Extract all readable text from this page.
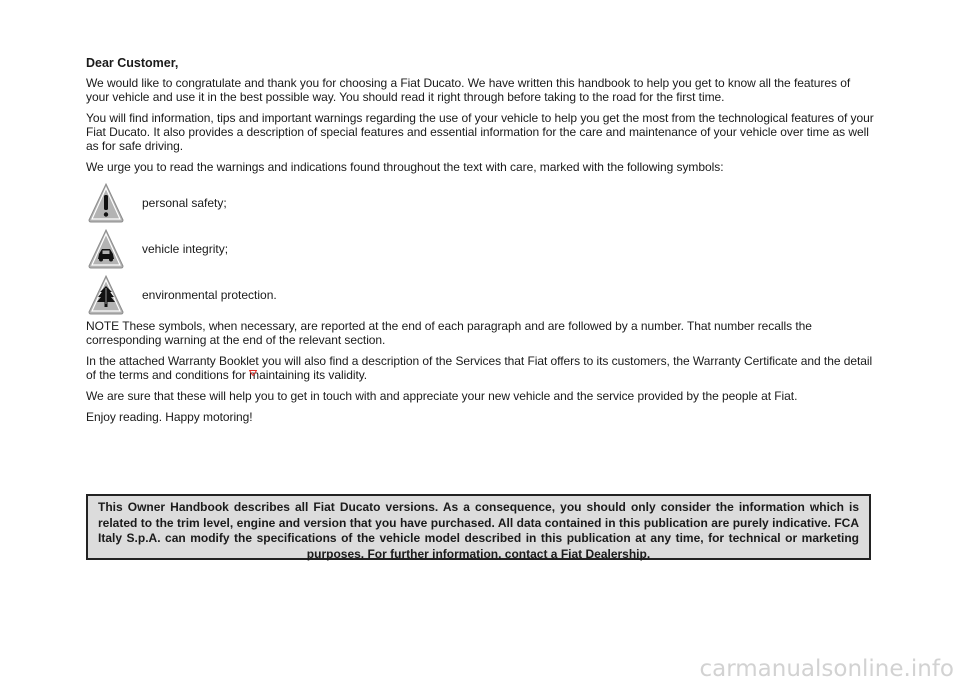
Dear Customer,

We would like to congratulate and thank you for choosing a Fiat Ducato. We have written this handbook to help you get to know all the features of your vehicle and use it in the best possible way. You should read it right through before taking to the road for the first time.

You will find information, tips and important warnings regarding the use of your vehicle to help you get the most from the technological features of your Fiat Ducato. It also provides a description of special features and essential information for the care and maintenance of your vehicle over time as well as for safe driving.

We urge you to read the warnings and indications found throughout the text with care, marked with the following symbols:

personal safety;
vehicle integrity;
environmental protection.

NOTE These symbols, when necessary, are reported at the end of each paragraph and are followed by a number. That number recalls the corresponding warning at the end of the relevant section.

In the attached Warranty Booklet you will also find a description of the Services that Fiat offers to its customers, the Warranty Certificate and the detail of the terms and conditions for maintaining its validity.

We are sure that these will help you to get in touch with and appreciate your new vehicle and the service provided by the people at Fiat.

Enjoy reading. Happy motoring!

This Owner Handbook describes all Fiat Ducato versions. As a consequence, you should only consider the information which is related to the trim level, engine and version that you have purchased. All data contained in this publication are purely indicative. FCA Italy S.p.A. can modify the specifications of the vehicle model described in this publication at any time, for technical or marketing purposes. For further information, contact a Fiat Dealership.
carmanualsonline.info
